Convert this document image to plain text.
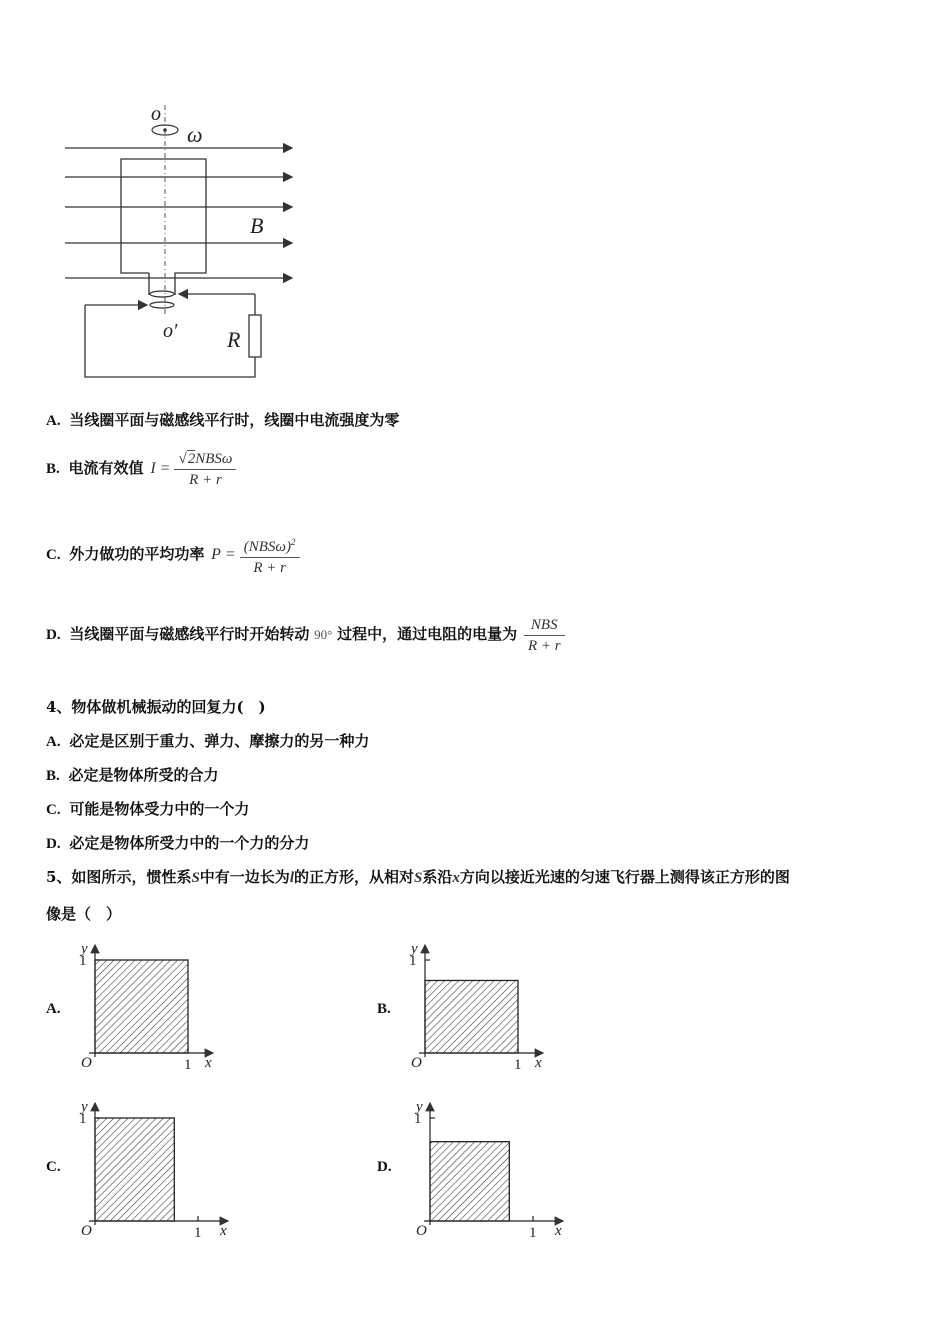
o
ω
B
o′ R
A. 当线圈平面与磁感线平行时，线圈中电流强度为零
B. 电流有效值 $I = \frac{\text{√2NBSω}}{R + r}$
C. 外力做功的平均功率 $P = \frac{(NBS\omega)^2}{R + r}$
D. 当线圈平面与磁感线平行时开始转动 90° 过程中，通过电阻的电量为 $\frac{\text{NBS}}{R + r}$
4、物体做机械振动的回复力(　)
A. 必定是区别于重力、弹力、摩擦力的另一种力
B. 必定是物体所受的合力
C. 可能是物体受力中的一个力
D. 必定是物体所受力中的一个力的分力
5、如图所示，惯性系S中有一边长为l的正方形，从相对S系沿x方向以接近光速的匀速飞行器上测得该正方形的图
像是（　）
A.	B.
C.	D.
O	1
1
x
y
O	1
1
x
y
O	1
1
x
y
O	1
1
x
y
